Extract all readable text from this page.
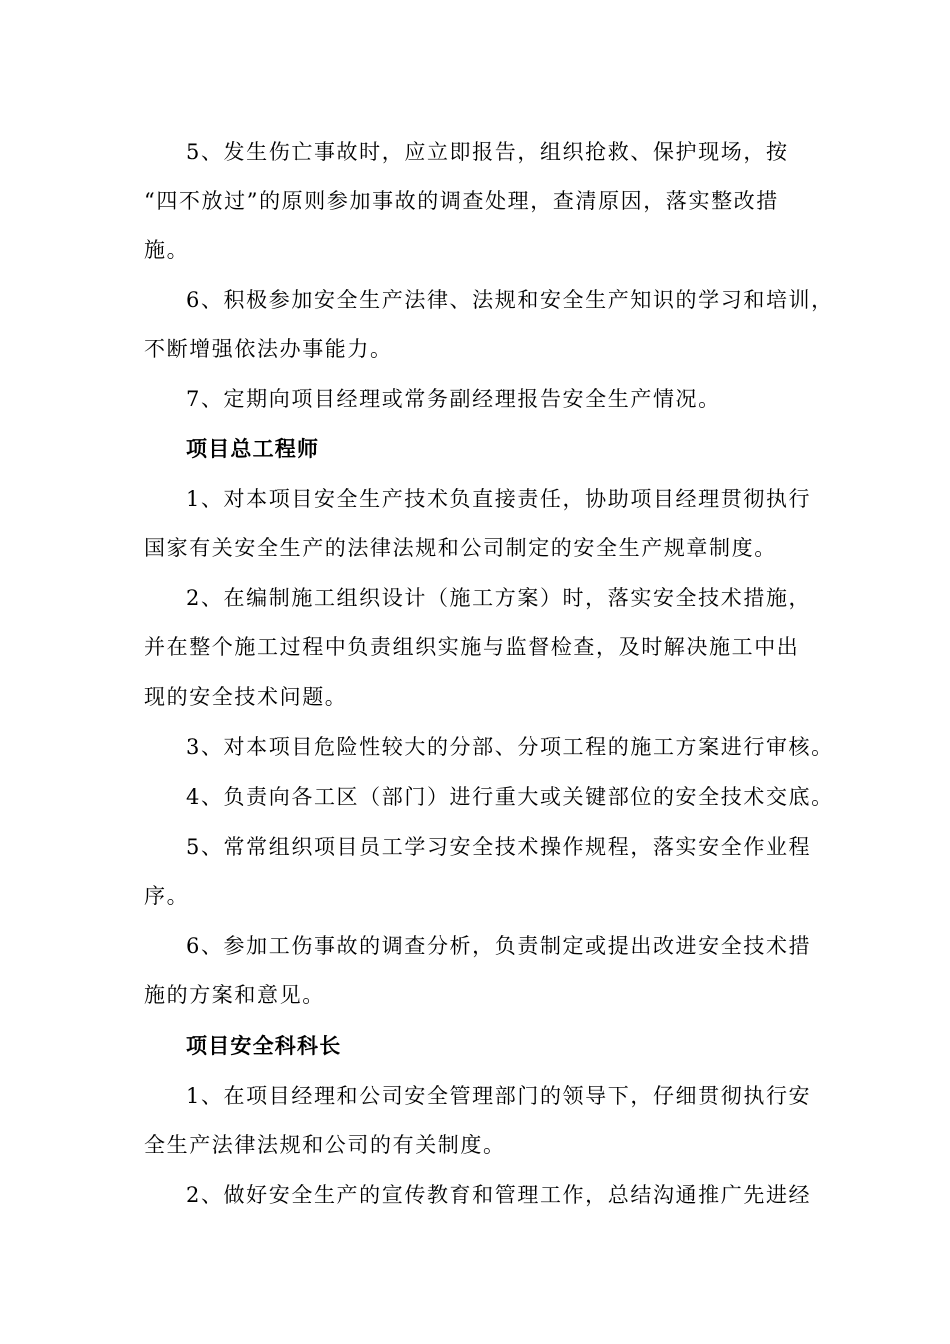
5、发生伤亡事故时，应立即报告，组织抢救、保护现场，按
“四不放过”的原则参加事故的调查处理，查清原因，落实整改措
施。
6、积极参加安全生产法律、法规和安全生产知识的学习和培训，
不断增强依法办事能力。
7、定期向项目经理或常务副经理报告安全生产情况。
项目总工程师
1、对本项目安全生产技术负直接责任，协助项目经理贯彻执行
国家有关安全生产的法律法规和公司制定的安全生产规章制度。
2、在编制施工组织设计（施工方案）时，落实安全技术措施，
并在整个施工过程中负责组织实施与监督检查，及时解决施工中出
现的安全技术问题。
3、对本项目危险性较大的分部、分项工程的施工方案进行审核。
4、负责向各工区（部门）进行重大或关键部位的安全技术交底。
5、常常组织项目员工学习安全技术操作规程，落实安全作业程
序。
6、参加工伤事故的调查分析，负责制定或提出改进安全技术措
施的方案和意见。
项目安全科科长
1、在项目经理和公司安全管理部门的领导下，仔细贯彻执行安
全生产法律法规和公司的有关制度。
2、做好安全生产的宣传教育和管理工作，总结沟通推广先进经
